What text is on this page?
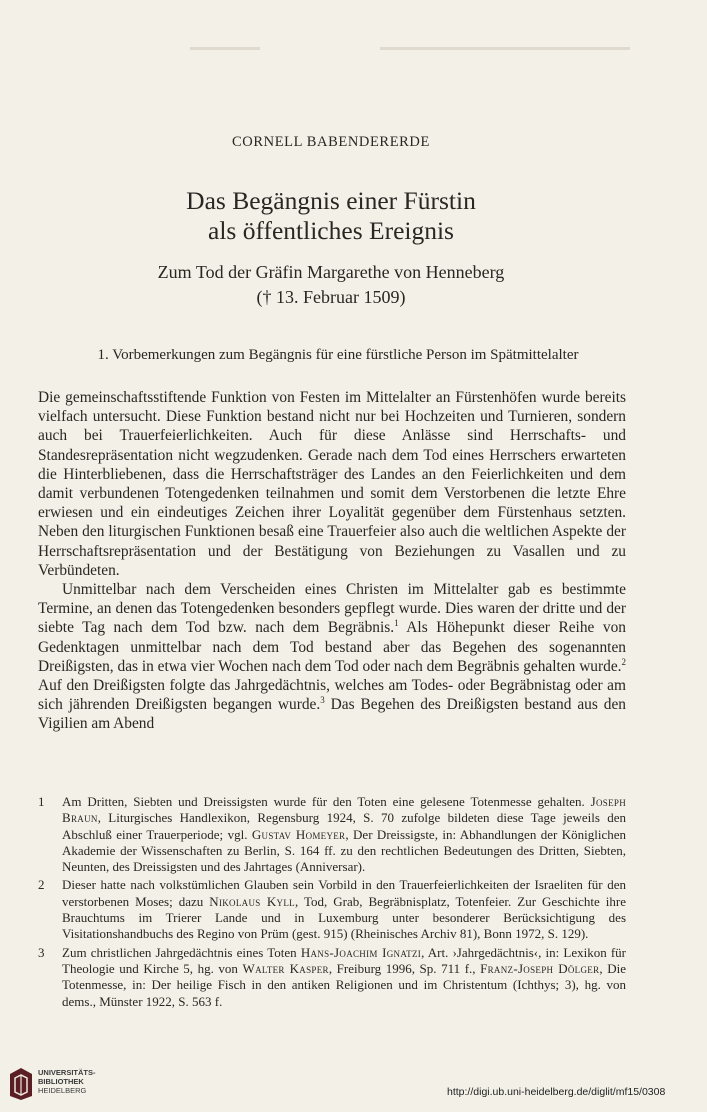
CORNELL BABENDERERDE
Das Begängnis einer Fürstin
als öffentliches Ereignis
Zum Tod der Gräfin Margarethe von Henneberg
(† 13. Februar 1509)
1. Vorbemerkungen zum Begängnis für eine fürstliche Person im Spätmittelalter

Die gemeinschaftsstiftende Funktion von Festen im Mittelalter an Fürstenhöfen wurde bereits vielfach untersucht. Diese Funktion bestand nicht nur bei Hochzeiten und Turnieren, sondern auch bei Trauerfeierlichkeiten. Auch für diese Anlässe sind Herrschafts- und Standesrepräsentation nicht wegzudenken. Gerade nach dem Tod eines Herrschers erwarteten die Hinterbliebenen, dass die Herrschaftsträger des Landes an den Feierlichkeiten und dem damit verbundenen Totengedenken teilnahmen und somit dem Verstorbenen die letzte Ehre erwiesen und ein eindeutiges Zeichen ihrer Loyalität gegenüber dem Fürstenhaus setzten. Neben den liturgischen Funktionen besaß eine Trauerfeier also auch die weltlichen Aspekte der Herrschaftsrepräsentation und der Bestätigung von Beziehungen zu Vasallen und zu Verbündeten.

Unmittelbar nach dem Verscheiden eines Christen im Mittelalter gab es bestimmte Termine, an denen das Totengedenken besonders gepflegt wurde. Dies waren der dritte und der siebte Tag nach dem Tod bzw. nach dem Begräbnis.$^1$ Als Höhepunkt dieser Reihe von Gedenktagen unmittelbar nach dem Tod bestand aber das Begehen des sogenannten Dreißigsten, das in etwa vier Wochen nach dem Tod oder nach dem Begräbnis gehalten wurde.$^2$ Auf den Dreißigsten folgte das Jahrgedächtnis, welches am Todes- oder Begräbnistag oder am sich jährenden Dreißigsten begangen wurde.$^3$ Das Begehen des Dreißigsten bestand aus den Vigilien am Abend

1	Am Dritten, Siebten und Dreissigsten wurde für den Toten eine gelesene Totenmesse gehalten. Joseph Braun, Liturgisches Handlexikon, Regensburg 1924, S. 70 zufolge bildeten diese Tage jeweils den Abschluß einer Trauerperiode; vgl. Gustav Homeyer, Der Dreissigste, in: Abhandlungen der Königlichen Akademie der Wissenschaften zu Berlin, S. 164 ff. zu den rechtlichen Bedeutungen des Dritten, Siebten, Neunten, des Dreissigsten und des Jahrtages (Anniversar).
2	Dieser hatte nach volkstümlichen Glauben sein Vorbild in den Trauerfeierlichkeiten der Israeliten für den verstorbenen Moses; dazu Nikolaus Kyll, Tod, Grab, Begräbnisplatz, Totenfeier. Zur Geschichte ihre Brauchtums im Trierer Lande und in Luxemburg unter besonderer Berücksichtigung des Visitationshandbuchs des Regino von Prüm (gest. 915) (Rheinisches Archiv 81), Bonn 1972, S. 129).
3	Zum christlichen Jahrgedächtnis eines Toten Hans-Joachim Ignatzi, Art. ›Jahrgedächtnis‹, in: Lexikon für Theologie und Kirche 5, hg. von Walter Kasper, Freiburg 1996, Sp. 711 f., Franz-Joseph Dölger, Die Totenmesse, in: Der heilige Fisch in den antiken Religionen und im Christentum (Ichthys; 3), hg. von dems., Münster 1922, S. 563 f.
UNIVERSITÄTS-
BIBLIOTHEK
HEIDELBERG	http://digi.ub.uni-heidelberg.de/diglit/mf15/0308
